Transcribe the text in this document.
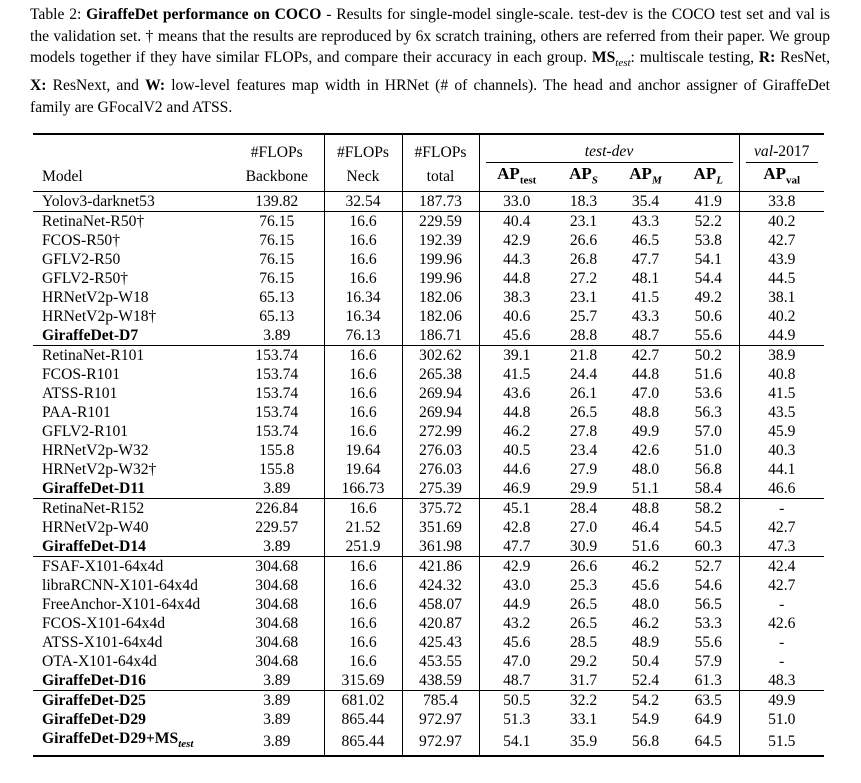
Table 2: GiraffeDet performance on COCO - Results for single-model single-scale. test-dev is the COCO test set and val is the validation set. † means that the results are reproduced by 6x scratch training, others are referred from their paper. We group models together if they have similar FLOPs, and compare their accuracy in each group. $MS_{test}$: multiscale testing, R: ResNet, X: ResNext, and W: low-level features map width in HRNet (# of channels). The head and anchor assigner of GiraffeDet family are GFocalV2 and ATSS.
	#FLOPs	#FLOPs	#FLOPs	test-dev				val-2017

Model	Backbone	Neck	total	$AP_{test}$	$AP_S$	$AP_M$	$AP_L$	$AP_{val}$
Yolov3-darknet53	139.82	32.54	187.73	33.0	18.3	35.4	41.9	33.8
RetinaNet-R50†	76.15	16.6	229.59	40.4	23.1	43.3	52.2	40.2
FCOS-R50†	76.15	16.6	192.39	42.9	26.6	46.5	53.8	42.7
GFLV2-R50	76.15	16.6	199.96	44.3	26.8	47.7	54.1	43.9
GFLV2-R50†	76.15	16.6	199.96	44.8	27.2	48.1	54.4	44.5
HRNetV2p-W18	65.13	16.34	182.06	38.3	23.1	41.5	49.2	38.1
HRNetV2p-W18†	65.13	16.34	182.06	40.6	25.7	43.3	50.6	40.2
GiraffeDet-D7	3.89	76.13	186.71	45.6	28.8	48.7	55.6	44.9
RetinaNet-R101	153.74	16.6	302.62	39.1	21.8	42.7	50.2	38.9
FCOS-R101	153.74	16.6	265.38	41.5	24.4	44.8	51.6	40.8
ATSS-R101	153.74	16.6	269.94	43.6	26.1	47.0	53.6	41.5
PAA-R101	153.74	16.6	269.94	44.8	26.5	48.8	56.3	43.5
GFLV2-R101	153.74	16.6	272.99	46.2	27.8	49.9	57.0	45.9
HRNetV2p-W32	155.8	19.64	276.03	40.5	23.4	42.6	51.0	40.3
HRNetV2p-W32†	155.8	19.64	276.03	44.6	27.9	48.0	56.8	44.1
GiraffeDet-D11	3.89	166.73	275.39	46.9	29.9	51.1	58.4	46.6
RetinaNet-R152	226.84	16.6	375.72	45.1	28.4	48.8	58.2	-
HRNetV2p-W40	229.57	21.52	351.69	42.8	27.0	46.4	54.5	42.7
GiraffeDet-D14	3.89	251.9	361.98	47.7	30.9	51.6	60.3	47.3
FSAF-X101-64x4d	304.68	16.6	421.86	42.9	26.6	46.2	52.7	42.4
libraRCNN-X101-64x4d	304.68	16.6	424.32	43.0	25.3	45.6	54.6	42.7
FreeAnchor-X101-64x4d	304.68	16.6	458.07	44.9	26.5	48.0	56.5	-
FCOS-X101-64x4d	304.68	16.6	420.87	43.2	26.5	46.2	53.3	42.6
ATSS-X101-64x4d	304.68	16.6	425.43	45.6	28.5	48.9	55.6	-
OTA-X101-64x4d	304.68	16.6	453.55	47.0	29.2	50.4	57.9	-
GiraffeDet-D16	3.89	315.69	438.59	48.7	31.7	52.4	61.3	48.3
GiraffeDet-D25	3.89	681.02	785.4	50.5	32.2	54.2	63.5	49.9
GiraffeDet-D29	3.89	865.44	972.97	51.3	33.1	54.9	64.9	51.0
GiraffeDet-$D29+MS_{test}$	3.89	865.44	972.97	54.1	35.9	56.8	64.5	51.5
